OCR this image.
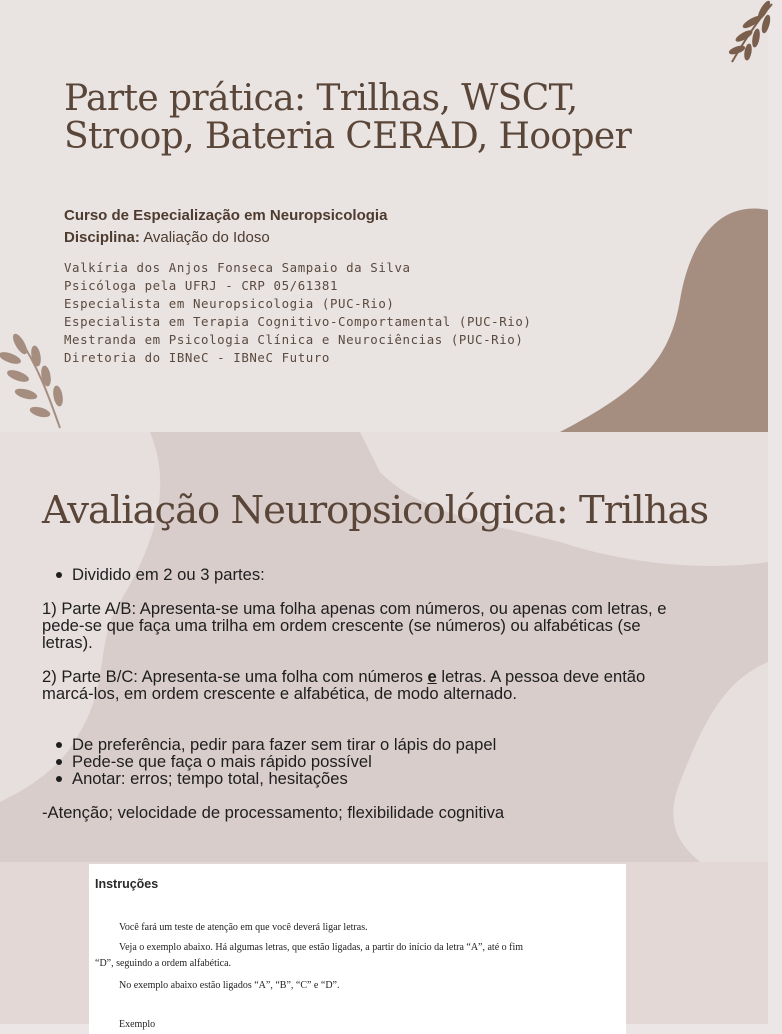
Parte prática: Trilhas, WSCT, Stroop, Bateria CERAD, Hooper
Curso de Especialização em Neuropsicologia
Disciplina: Avaliação do Idoso
Valkíria dos Anjos Fonseca Sampaio da Silva
Psicóloga pela UFRJ - CRP 05/61381
Especialista em Neuropsicologia (PUC-Rio)
Especialista em Terapia Cognitivo-Comportamental (PUC-Rio)
Mestranda em Psicologia Clínica e Neurociências (PUC-Rio)
Diretoria do IBNeC - IBNeC Futuro
Avaliação Neuropsicológica: Trilhas
Dividido em 2 ou 3 partes:

1) Parte A/B: Apresenta-se uma folha apenas com números, ou apenas com letras, e pede-se que faça uma trilha em ordem crescente (se números) ou alfabéticas (se letras).

2) Parte B/C: Apresenta-se uma folha com números e letras. A pessoa deve então marcá-los, em ordem crescente e alfabética, de modo alternado.

De preferência, pedir para fazer sem tirar o lápis do papel
Pede-se que faça o mais rápido possível
Anotar: erros; tempo total, hesitações

-Atenção; velocidade de processamento; flexibilidade cognitiva

Instruções
Você fará um teste de atenção em que você deverá ligar letras.
Veja o exemplo abaixo. Há algumas letras, que estão ligadas, a partir do início da letra “A”, até o fim
“D”, seguindo a ordem alfabética.
No exemplo abaixo estão ligados “A”, “B”, “C” e “D”.
Exemplo
